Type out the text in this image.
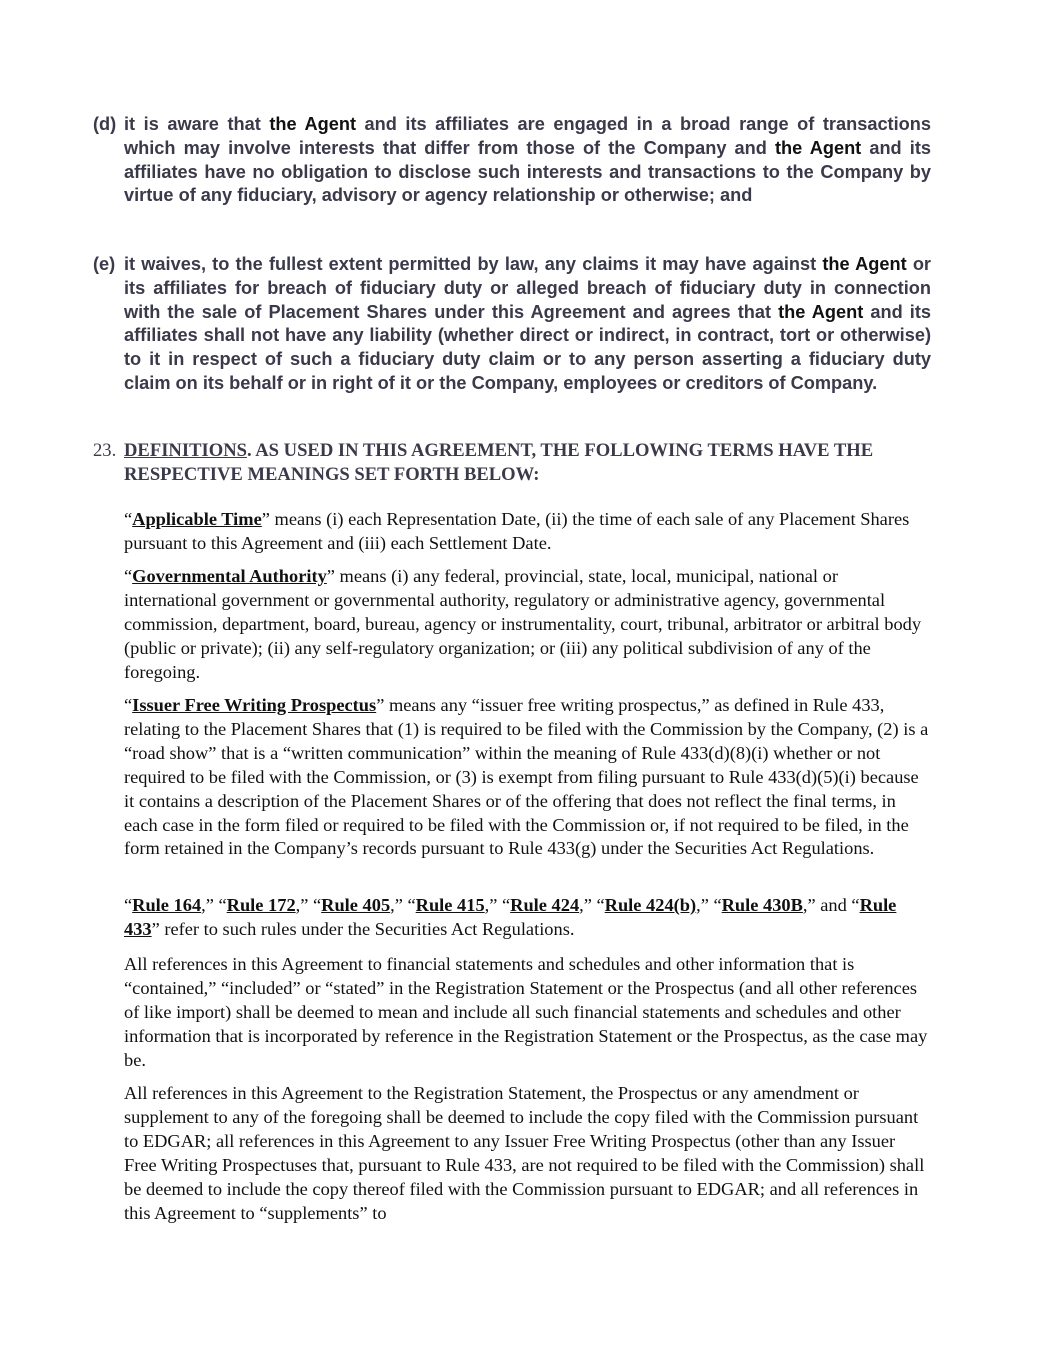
(d) it is aware that the Agent and its affiliates are engaged in a broad range of transactions which may involve interests that differ from those of the Company and the Agent and its affiliates have no obligation to disclose such interests and transactions to the Company by virtue of any fiduciary, advisory or agency relationship or otherwise; and
(e) it waives, to the fullest extent permitted by law, any claims it may have against the Agent or its affiliates for breach of fiduciary duty or alleged breach of fiduciary duty in connection with the sale of Placement Shares under this Agreement and agrees that the Agent and its affiliates shall not have any liability (whether direct or indirect, in contract, tort or otherwise) to it in respect of such a fiduciary duty claim or to any person asserting a fiduciary duty claim on its behalf or in right of it or the Company, employees or creditors of Company.
23. DEFINITIONS. AS USED IN THIS AGREEMENT, THE FOLLOWING TERMS HAVE THE RESPECTIVE MEANINGS SET FORTH BELOW:
“Applicable Time” means (i) each Representation Date, (ii) the time of each sale of any Placement Shares pursuant to this Agreement and (iii) each Settlement Date.
“Governmental Authority” means (i) any federal, provincial, state, local, municipal, national or international government or governmental authority, regulatory or administrative agency, governmental commission, department, board, bureau, agency or instrumentality, court, tribunal, arbitrator or arbitral body (public or private); (ii) any self-regulatory organization; or (iii) any political subdivision of any of the foregoing.
“Issuer Free Writing Prospectus” means any “issuer free writing prospectus,” as defined in Rule 433, relating to the Placement Shares that (1) is required to be filed with the Commission by the Company, (2) is a “road show” that is a “written communication” within the meaning of Rule 433(d)(8)(i) whether or not required to be filed with the Commission, or (3) is exempt from filing pursuant to Rule 433(d)(5)(i) because it contains a description of the Placement Shares or of the offering that does not reflect the final terms, in each case in the form filed or required to be filed with the Commission or, if not required to be filed, in the form retained in the Company’s records pursuant to Rule 433(g) under the Securities Act Regulations.
“Rule 164,” “Rule 172,” “Rule 405,” “Rule 415,” “Rule 424,” “Rule 424(b),” “Rule 430B,” and “Rule 433” refer to such rules under the Securities Act Regulations.
All references in this Agreement to financial statements and schedules and other information that is “contained,” “included” or “stated” in the Registration Statement or the Prospectus (and all other references of like import) shall be deemed to mean and include all such financial statements and schedules and other information that is incorporated by reference in the Registration Statement or the Prospectus, as the case may be.
All references in this Agreement to the Registration Statement, the Prospectus or any amendment or supplement to any of the foregoing shall be deemed to include the copy filed with the Commission pursuant to EDGAR; all references in this Agreement to any Issuer Free Writing Prospectus (other than any Issuer Free Writing Prospectuses that, pursuant to Rule 433, are not required to be filed with the Commission) shall be deemed to include the copy thereof filed with the Commission pursuant to EDGAR; and all references in this Agreement to “supplements” to
